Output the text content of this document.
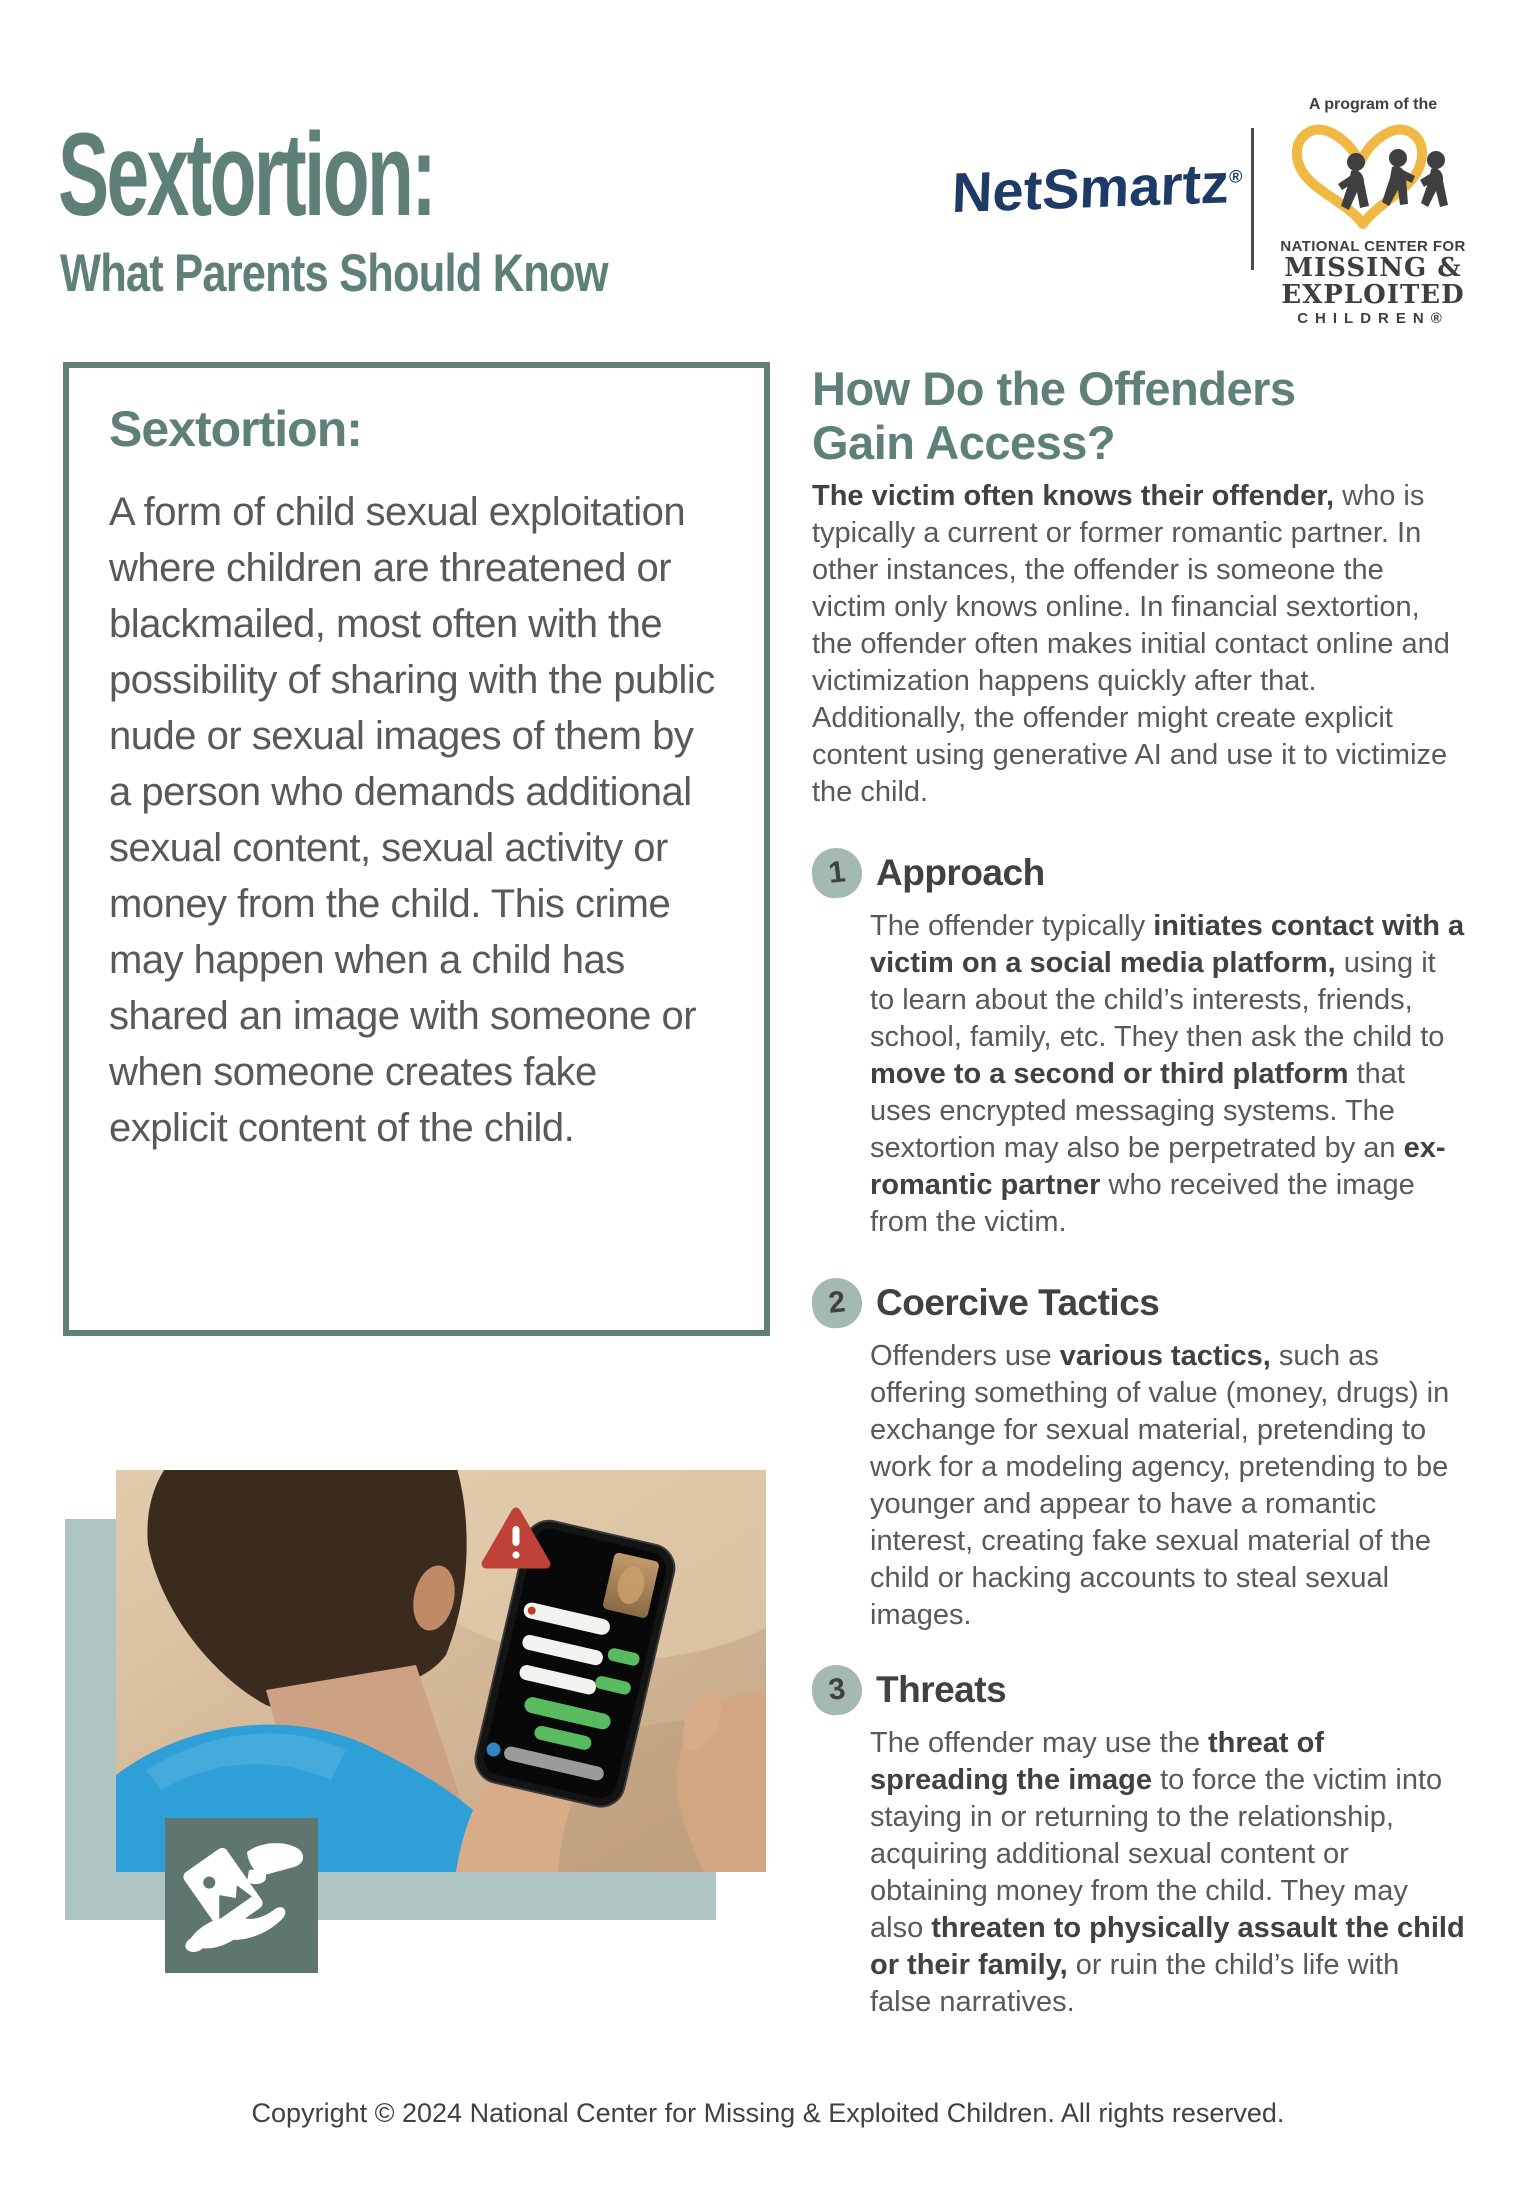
Sextortion:
What Parents Should Know
NetSmartz®
A program of the
NATIONAL CENTER FOR
MISSING &
EXPLOITED
CHILDREN®
Sextortion:
A form of child sexual exploitation where children are threatened or blackmailed, most often with the possibility of sharing with the public nude or sexual images of them by a person who demands additional sexual content, sexual activity or money from the child. This crime may happen when a child has shared an image with someone or when someone creates fake explicit content of the child.
How Do the Offenders Gain Access?
The victim often knows their offender, who is typically a current or former romantic partner. In other instances, the offender is someone the victim only knows online. In financial sextortion, the offender often makes initial contact online and victimization happens quickly after that. Additionally, the offender might create explicit content using generative AI and use it to victimize the child.
1 Approach
The offender typically initiates contact with a victim on a social media platform, using it to learn about the child’s interests, friends, school, family, etc. They then ask the child to move to a second or third platform that uses encrypted messaging systems. The sextortion may also be perpetrated by an ex-romantic partner who received the image from the victim.
2 Coercive Tactics
Offenders use various tactics, such as offering something of value (money, drugs) in exchange for sexual material, pretending to work for a modeling agency, pretending to be younger and appear to have a romantic interest, creating fake sexual material of the child or hacking accounts to steal sexual images.
3 Threats
The offender may use the threat of spreading the image to force the victim into staying in or returning to the relationship, acquiring additional sexual content or obtaining money from the child. They may also threaten to physically assault the child or their family, or ruin the child’s life with false narratives.
Copyright © 2024 National Center for Missing & Exploited Children. All rights reserved.
